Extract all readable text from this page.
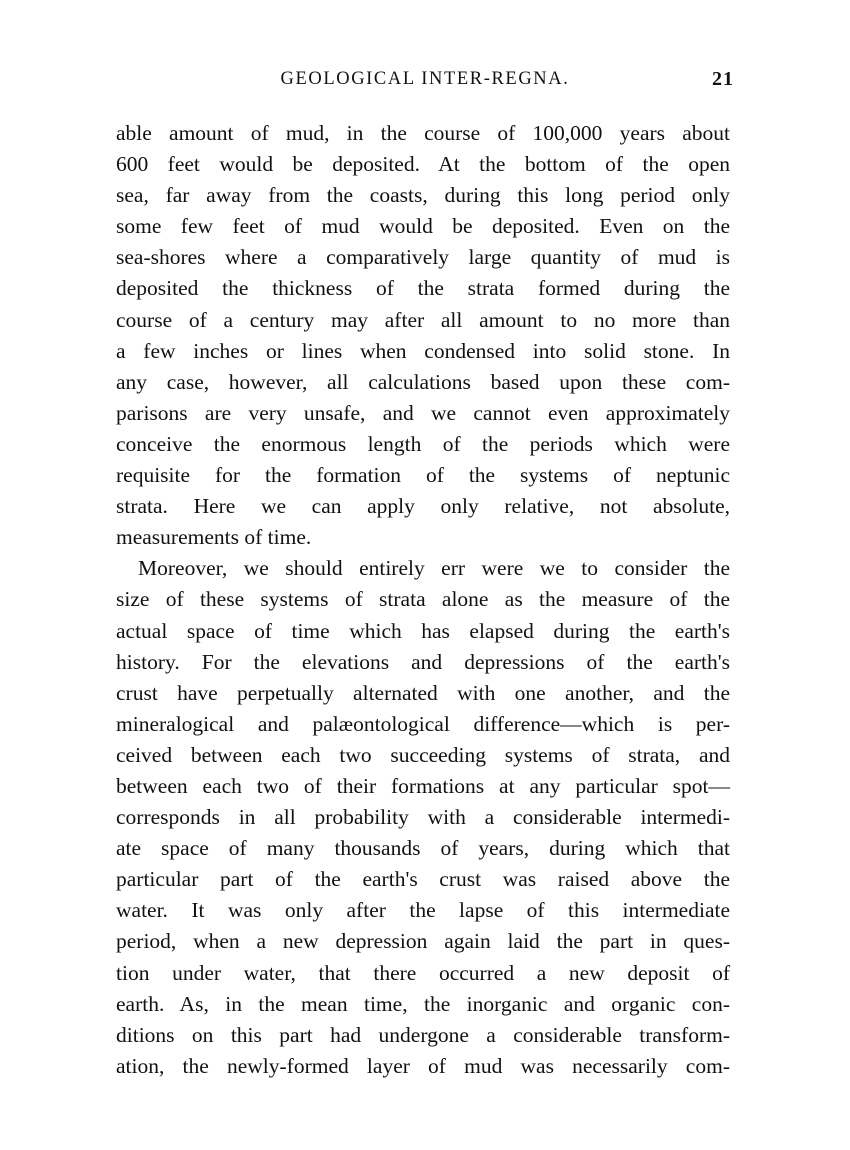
GEOLOGICAL INTER-REGNA.	21
able amount of mud, in the course of 100,000 years about
600 feet would be deposited. At the bottom of the open
sea, far away from the coasts, during this long period only
some few feet of mud would be deposited. Even on the
sea-shores where a comparatively large quantity of mud is
deposited the thickness of the strata formed during the
course of a century may after all amount to no more than
a few inches or lines when condensed into solid stone. In
any case, however, all calculations based upon these com-
parisons are very unsafe, and we cannot even approximately
conceive the enormous length of the periods which were
requisite for the formation of the systems of neptunic
strata. Here we can apply only relative, not absolute,
measurements of time.
Moreover, we should entirely err were we to consider the
size of these systems of strata alone as the measure of the
actual space of time which has elapsed during the earth's
history. For the elevations and depressions of the earth's
crust have perpetually alternated with one another, and the
mineralogical and palæontological difference—which is per-
ceived between each two succeeding systems of strata, and
between each two of their formations at any particular spot—
corresponds in all probability with a considerable intermedi-
ate space of many thousands of years, during which that
particular part of the earth's crust was raised above the
water. It was only after the lapse of this intermediate
period, when a new depression again laid the part in ques-
tion under water, that there occurred a new deposit of
earth. As, in the mean time, the inorganic and organic con-
ditions on this part had undergone a considerable transform-
ation, the newly-formed layer of mud was necessarily com-
